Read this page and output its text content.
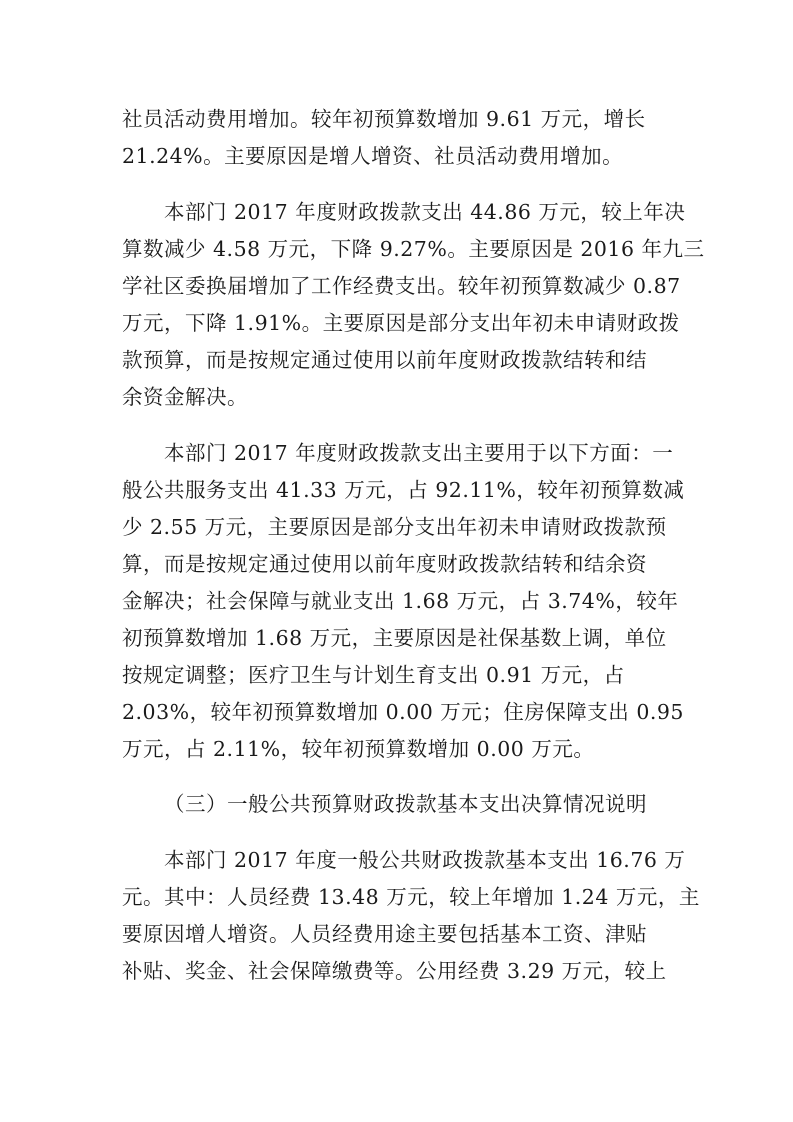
社员活动费用增加。较年初预算数增加 9.61 万元，增长
21.24%。主要原因是增人增资、社员活动费用增加。
本部门 2017 年度财政拨款支出 44.86 万元，较上年决
算数减少 4.58 万元，下降 9.27%。主要原因是 2016 年九三
学社区委换届增加了工作经费支出。较年初预算数减少 0.87
万元，下降 1.91%。主要原因是部分支出年初未申请财政拨
款预算，而是按规定通过使用以前年度财政拨款结转和结
余资金解决。
本部门 2017 年度财政拨款支出主要用于以下方面：一
般公共服务支出 41.33 万元，占 92.11%，较年初预算数减
少 2.55 万元，主要原因是部分支出年初未申请财政拨款预
算，而是按规定通过使用以前年度财政拨款结转和结余资
金解决；社会保障与就业支出 1.68 万元，占 3.74%，较年
初预算数增加 1.68 万元，主要原因是社保基数上调，单位
按规定调整；医疗卫生与计划生育支出 0.91 万元，占
2.03%，较年初预算数增加 0.00 万元；住房保障支出 0.95
万元，占 2.11%，较年初预算数增加 0.00 万元。
（三）一般公共预算财政拨款基本支出决算情况说明
本部门 2017 年度一般公共财政拨款基本支出 16.76 万
元。其中：人员经费 13.48 万元，较上年增加 1.24 万元，主
要原因增人增资。人员经费用途主要包括基本工资、津贴
补贴、奖金、社会保障缴费等。公用经费 3.29 万元，较上
